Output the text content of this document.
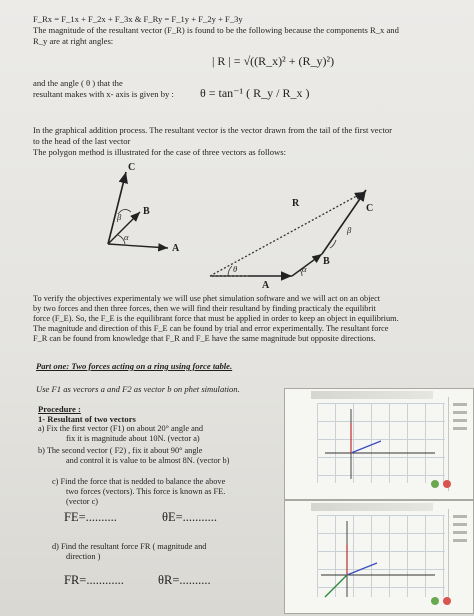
F_Rx = F_1x + F_2x + F_3x & F_Ry = F_1y + F_2y + F_3y
The magnitude of the resultant vector (F_R) is found to be the following because the components R_x and
R_y are at right angles:
| R | = √((R_x)² + (R_y)²)
and the angle ( θ ) that the
resultant makes with x- axis is given by : θ = tan⁻¹ ( R_y / R_x )
In the graphical addition process. The resultant vector is the vector drawn from the tail of the first vector
to the head of the last vector
The polygon method is illustrated for the case of three vectors as follows:
C
B
A
β
α
R	C
B
A
β
α
θ
To verify the objectives experimentaly we will use phet simulation software and we will act on an object
by two forces and then three forces, then we will find their resultand by finding practicaly the equilibrit
force (F_E). So, the F_E is the equilibrant force that must be applied in order to keep an object in equilibrium.
The magnitude and direction of this F_E can be found by trial and error experimentally. The resultant force
F_R can be found from knowledge that F_R and F_E have the same magnitude but opposite directions.
Part one: Two forces acting on a ring using force table.
Use F1 as vecrors a and F2 as vector b on phet simulation.
Procedure :
1- Resultant of two vectors
a) Fix the first vector (F1) on about 20° angle and
fix it is magnitude about 10N. (vector a)
b) The second vector ( F2) , fix it about 90° angle
and control it is value to be almost 8N. (vector b)
c) Find the force that is nedded to balance the above
two forces (vectors). This force is known as FE.
(vector c)
FE=..........	θE=...........
d) Find the resultant force FR ( magnitude and
direction )
FR=............	θR=..........
